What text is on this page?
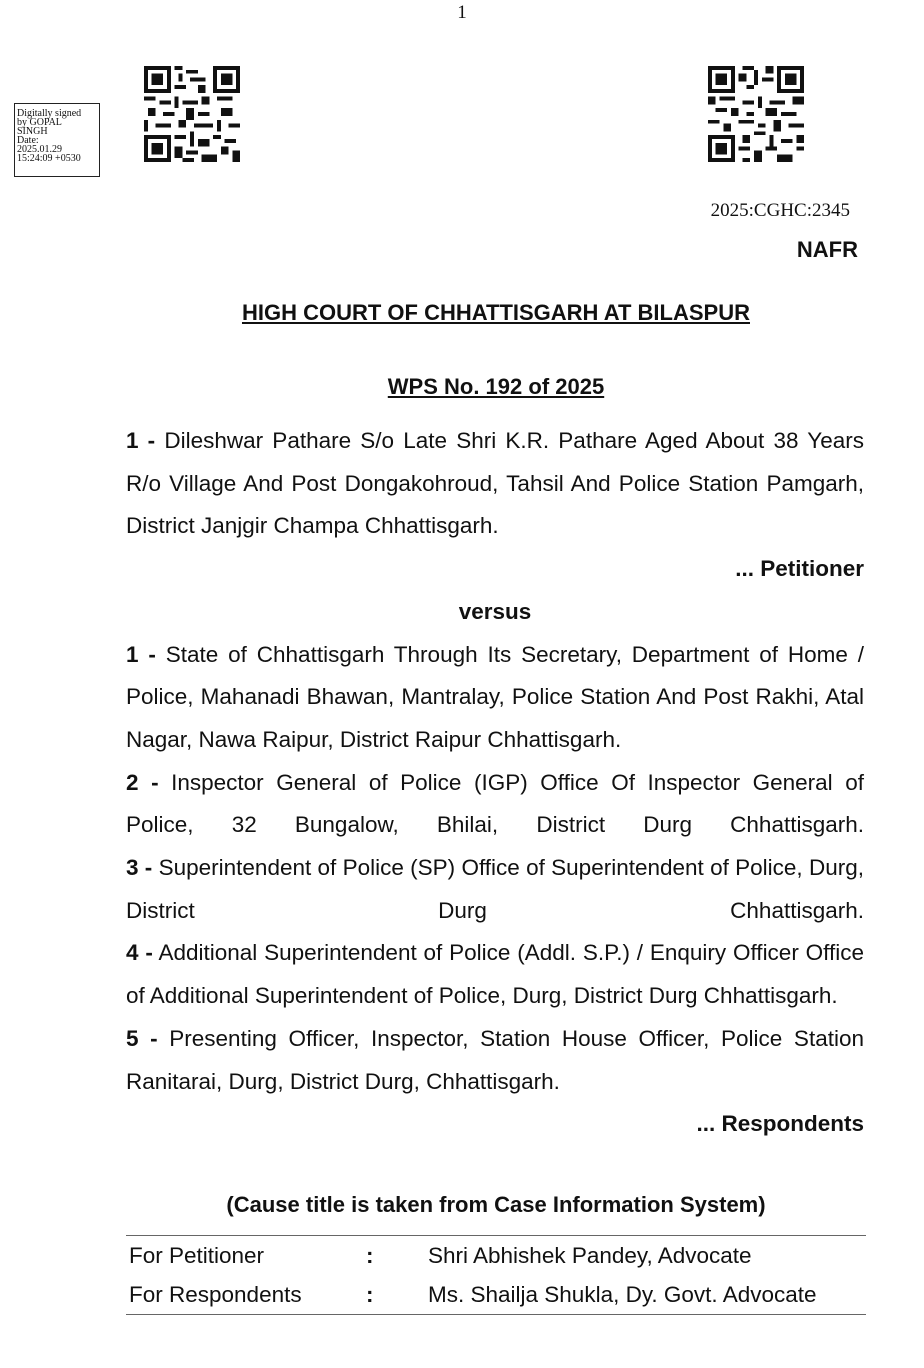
1
Digitally signed
by GOPAL
SINGH
Date:
2025.01.29
15:24:09 +0530
2025:CGHC:2345
NAFR
HIGH COURT OF CHHATTISGARH AT BILASPUR
WPS No. 192 of 2025

1 - Dileshwar Pathare S/o Late Shri K.R. Pathare Aged About 38 Years R/o Village And Post Dongakohroud, Tahsil And Police Station Pamgarh, District Janjgir Champa Chhattisgarh.

... Petitioner

versus

1 - State of Chhattisgarh Through Its Secretary, Department of Home / Police, Mahanadi Bhawan, Mantralay, Police Station And Post Rakhi, Atal Nagar, Nawa Raipur, District Raipur Chhattisgarh.

2 - Inspector General of Police (IGP) Office Of Inspector General of Police, 32 Bungalow, Bhilai, District Durg Chhattisgarh.

3 - Superintendent of Police (SP) Office of Superintendent of Police, Durg, District Durg Chhattisgarh.

4 - Additional Superintendent of Police (Addl. S.P.) / Enquiry Officer Office of Additional Superintendent of Police, Durg, District Durg Chhattisgarh.

5 - Presenting Officer, Inspector, Station House Officer, Police Station Ranitarai, Durg, District Durg, Chhattisgarh.

... Respondents

(Cause title is taken from Case Information System)
For Petitioner	:	Shri Abhishek Pandey, Advocate
For Respondents	:	Ms. Shailja Shukla, Dy. Govt. Advocate
